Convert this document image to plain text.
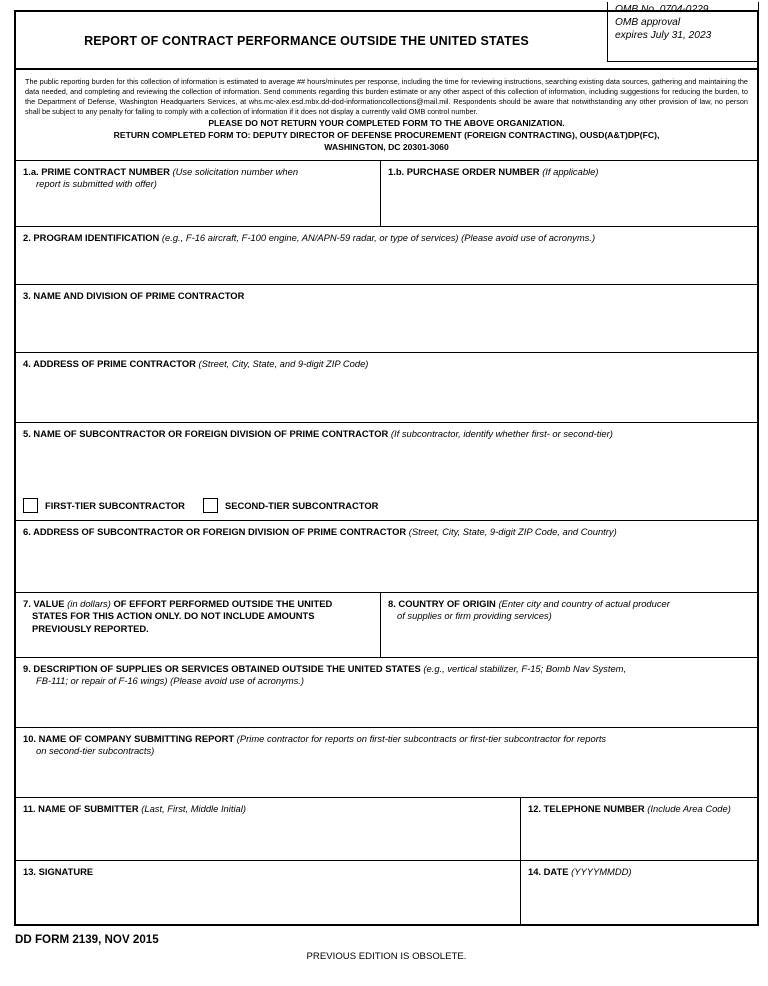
REPORT OF CONTRACT PERFORMANCE OUTSIDE THE UNITED STATES
OMB No. 0704-0229
OMB approval
expires July 31, 2023

The public reporting burden for this collection of information is estimated to average ## hours/minutes per response, including the time for reviewing instructions, searching existing data sources, gathering and maintaining the data needed, and completing and reviewing the collection of information. Send comments regarding this burden estimate or any other aspect of this collection of information, including suggestions for reducing the burden, to the Department of Defense, Washington Headquarters Services, at whs.mc-alex.esd.mbx.dd-dod-informationcollections@mail.mil. Respondents should be aware that notwithstanding any other provision of law, no person shall be subject to any penalty for failing to comply with a collection of information if it does not display a currently valid OMB control number.

PLEASE DO NOT RETURN YOUR COMPLETED FORM TO THE ABOVE ORGANIZATION.

RETURN COMPLETED FORM TO: DEPUTY DIRECTOR OF DEFENSE PROCUREMENT (FOREIGN CONTRACTING), OUSD(A&T)DP(FC),

WASHINGTON, DC 20301-3060

1.a. PRIME CONTRACT NUMBER (Use solicitation number when
report is submitted with offer)
1.b. PURCHASE ORDER NUMBER (If applicable)
2. PROGRAM IDENTIFICATION (e.g., F-16 aircraft, F-100 engine, AN/APN-59 radar, or type of services) (Please avoid use of acronyms.)
3. NAME AND DIVISION OF PRIME CONTRACTOR
4. ADDRESS OF PRIME CONTRACTOR (Street, City, State, and 9-digit ZIP Code)
5. NAME OF SUBCONTRACTOR OR FOREIGN DIVISION OF PRIME CONTRACTOR (If subcontractor, identify whether first- or second-tier)
FIRST-TIER SUBCONTRACTOR	SECOND-TIER SUBCONTRACTOR
6. ADDRESS OF SUBCONTRACTOR OR FOREIGN DIVISION OF PRIME CONTRACTOR (Street, City, State, 9-digit ZIP Code, and Country)
7. VALUE (in dollars) OF EFFORT PERFORMED OUTSIDE THE UNITED
STATES FOR THIS ACTION ONLY. DO NOT INCLUDE AMOUNTS
PREVIOUSLY REPORTED.
8. COUNTRY OF ORIGIN (Enter city and country of actual producer
of supplies or firm providing services)
9. DESCRIPTION OF SUPPLIES OR SERVICES OBTAINED OUTSIDE THE UNITED STATES (e.g., vertical stabilizer, F-15; Bomb Nav System,
FB-111; or repair of F-16 wings) (Please avoid use of acronyms.)
10. NAME OF COMPANY SUBMITTING REPORT (Prime contractor for reports on first-tier subcontracts or first-tier subcontractor for reports
on second-tier subcontracts)
11. NAME OF SUBMITTER (Last, First, Middle Initial)	12. TELEPHONE NUMBER (Include Area Code)
13. SIGNATURE	14. DATE (YYYYMMDD)
DD FORM 2139, NOV 2015
PREVIOUS EDITION IS OBSOLETE.
